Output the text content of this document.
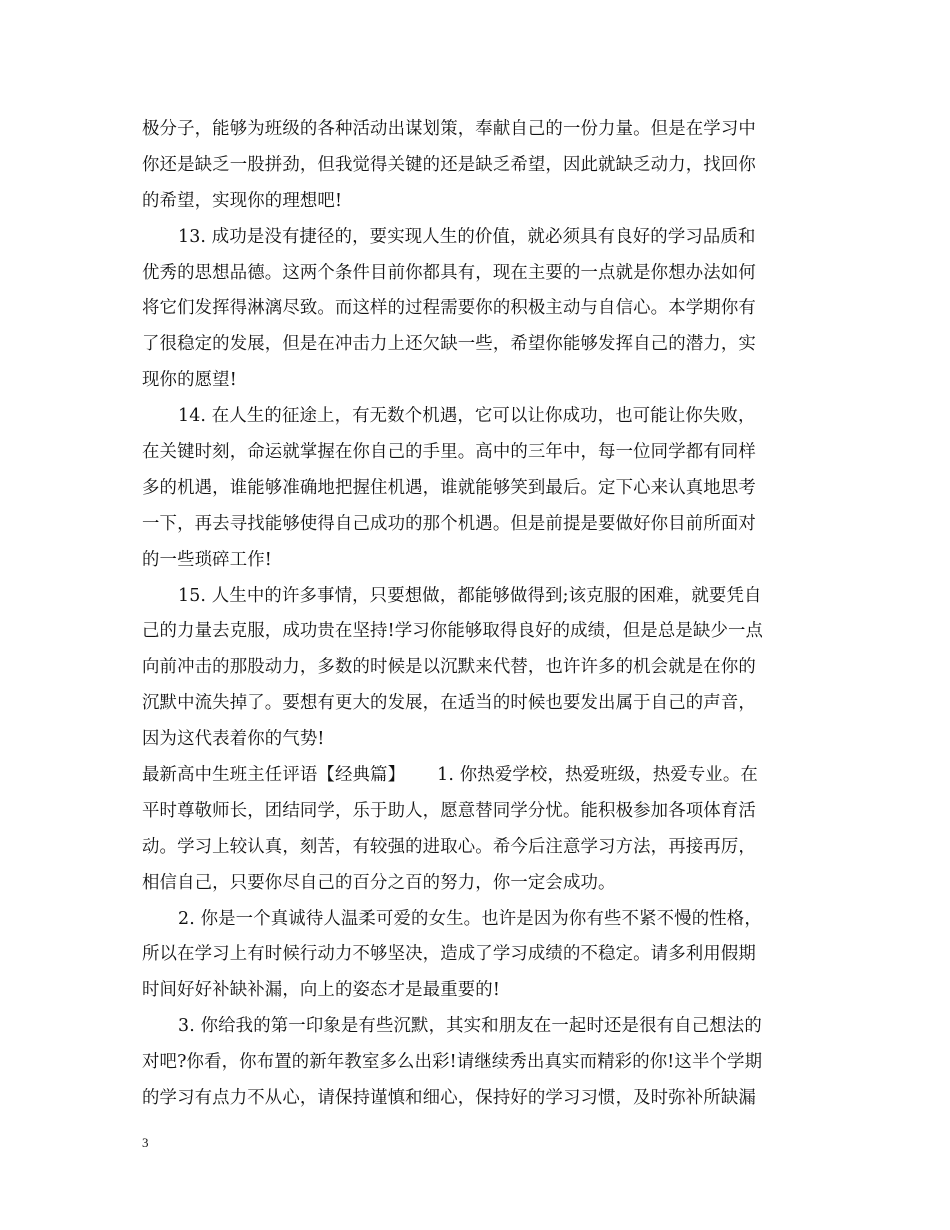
极分子，能够为班级的各种活动出谋划策，奉献自己的一份力量。但是在学习中
你还是缺乏一股拼劲，但我觉得关键的还是缺乏希望，因此就缺乏动力，找回你
的希望，实现你的理想吧!
13. 成功是没有捷径的，要实现人生的价值，就必须具有良好的学习品质和
优秀的思想品德。这两个条件目前你都具有，现在主要的一点就是你想办法如何
将它们发挥得淋漓尽致。而这样的过程需要你的积极主动与自信心。本学期你有
了很稳定的发展，但是在冲击力上还欠缺一些，希望你能够发挥自己的潜力，实
现你的愿望!
14. 在人生的征途上，有无数个机遇，它可以让你成功，也可能让你失败，
在关键时刻，命运就掌握在你自己的手里。高中的三年中，每一位同学都有同样
多的机遇，谁能够准确地把握住机遇，谁就能够笑到最后。定下心来认真地思考
一下，再去寻找能够使得自己成功的那个机遇。但是前提是要做好你目前所面对
的一些琐碎工作!
15. 人生中的许多事情，只要想做，都能够做得到;该克服的困难，就要凭自
己的力量去克服，成功贵在坚持!学习你能够取得良好的成绩，但是总是缺少一点
向前冲击的那股动力，多数的时候是以沉默来代替，也许许多的机会就是在你的
沉默中流失掉了。要想有更大的发展，在适当的时候也要发出属于自己的声音，
因为这代表着你的气势!
最新高中生班主任评语【经典篇】　　 1. 你热爱学校，热爱班级，热爱专业。在
平时尊敬师长，团结同学，乐于助人，愿意替同学分忧。能积极参加各项体育活
动。学习上较认真，刻苦，有较强的进取心。希今后注意学习方法，再接再厉，
相信自己，只要你尽自己的百分之百的努力，你一定会成功。
2. 你是一个真诚待人温柔可爱的女生。也许是因为你有些不紧不慢的性格，
所以在学习上有时候行动力不够坚决，造成了学习成绩的不稳定。请多利用假期
时间好好补缺补漏，向上的姿态才是最重要的!
3. 你给我的第一印象是有些沉默，其实和朋友在一起时还是很有自己想法的
对吧?你看，你布置的新年教室多么出彩!请继续秀出真实而精彩的你!这半个学期
的学习有点力不从心，请保持谨慎和细心，保持好的学习习惯，及时弥补所缺漏
3
